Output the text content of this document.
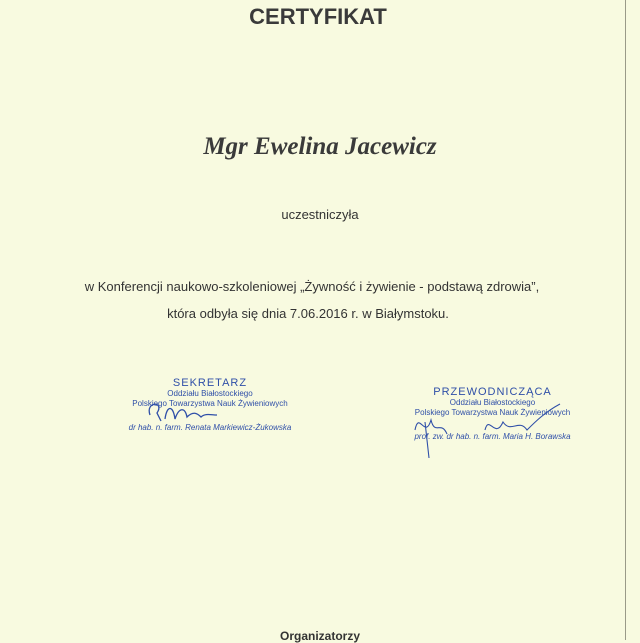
CERTYFIKAT
Mgr Ewelina Jacewicz
uczestniczyła
w Konferencji naukowo-szkoleniowej „Żywność i żywienie - podstawą zdrowia”,
która odbyła się dnia 7.06.2016 r. w Białymstoku.
SEKRETARZ
Oddziału Białostockiego
Polskiego Towarzystwa Nauk Żywieniowych
dr hab. n. farm. Renata Markiewicz-Żukowska
PRZEWODNICZĄCA
Oddziału Białostockiego
Polskiego Towarzystwa Nauk Żywieniowych
prof. zw. dr hab. n. farm. Maria H. Borawska
Organizatorzy
